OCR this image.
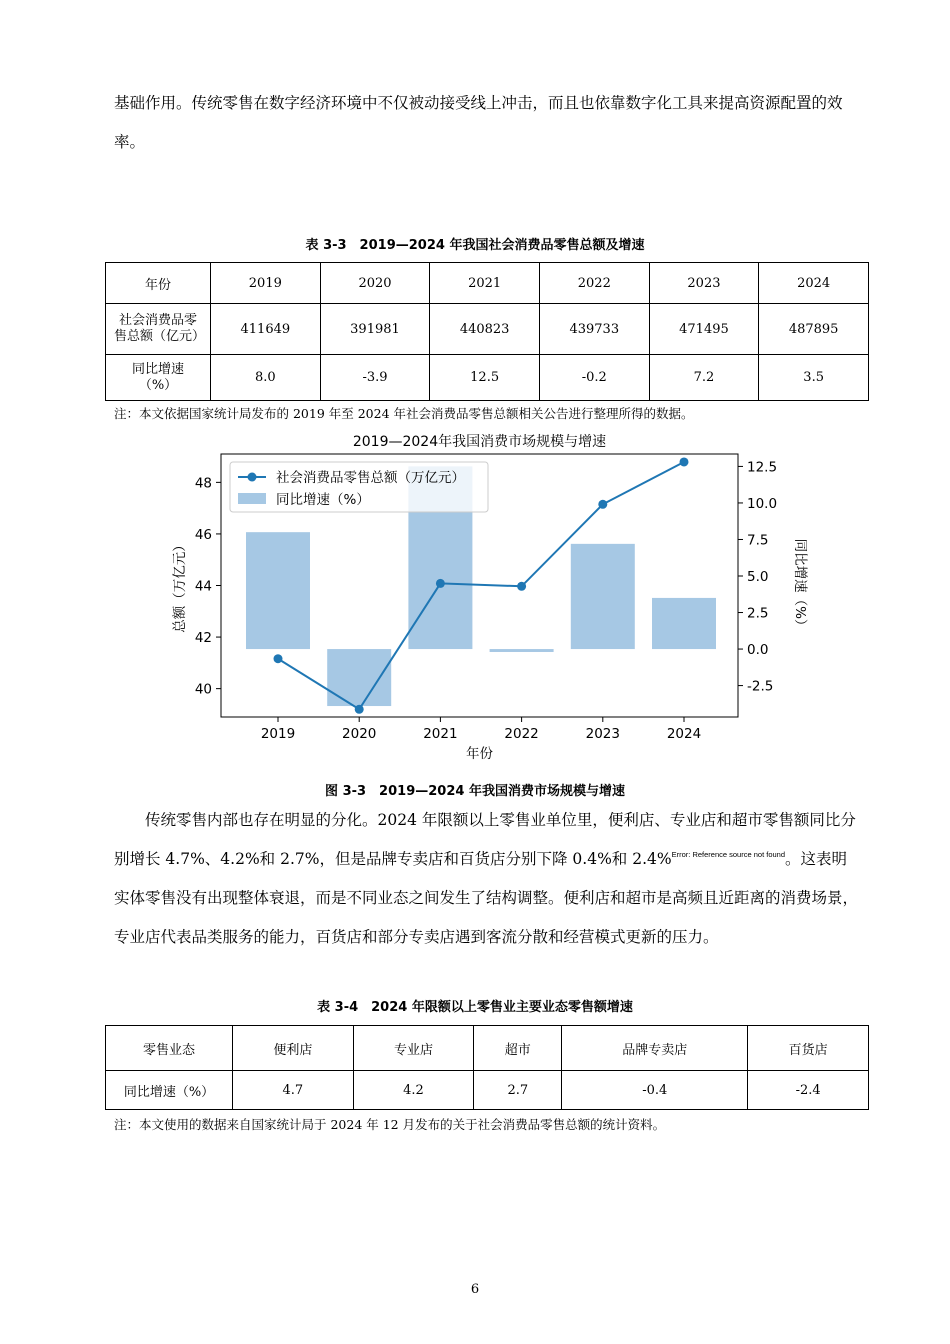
基础作用。传统零售在数字经济环境中不仅被动接受线上冲击，而且也依靠数字化工具来提高资源配置的效率。

表 3-3　2019—2024 年我国社会消费品零售总额及增速
年份	2019	2020	2021	2022	2023	2024
社会消费品零售总额（亿元）	411649	391981	440823	439733	471495	487895
同比增速（%）	8.0	-3.9	12.5	-0.2	7.2	3.5
注：本文依据国家统计局发布的 2019 年至 2024 年社会消费品零售总额相关公告进行整理所得的数据。
2019—2024年我国消费市场规模与增速
40
42
44
46
48
-2.5
0.0
2.5
5.0
7.5
10.0
12.5
2019	2020	2021	2022	2023	2024
年份
总额（万亿元）	同比增速（%）
社会消费品零售总额（万亿元）
同比增速（%）
图 3-3　2019—2024 年我国消费市场规模与增速

传统零售内部也存在明显的分化。2024 年限额以上零售业单位里，便利店、专业店和超市零售额同比分别增长 4.7%、4.2%和 2.7%，但是品牌专卖店和百货店分别下降 0.4%和 2.4%$^{Error: Reference source not found}$。这表明实体零售没有出现整体衰退，而是不同业态之间发生了结构调整。便利店和超市是高频且近距离的消费场景，专业店代表品类服务的能力，百货店和部分专卖店遇到客流分散和经营模式更新的压力。

表 3-4　2024 年限额以上零售业主要业态零售额增速
零售业态	便利店	专业店	超市	品牌专卖店	百货店
同比增速（%）	4.7	4.2	2.7	-0.4	-2.4
注：本文使用的数据来自国家统计局于 2024 年 12 月发布的关于社会消费品零售总额的统计资料。
6
